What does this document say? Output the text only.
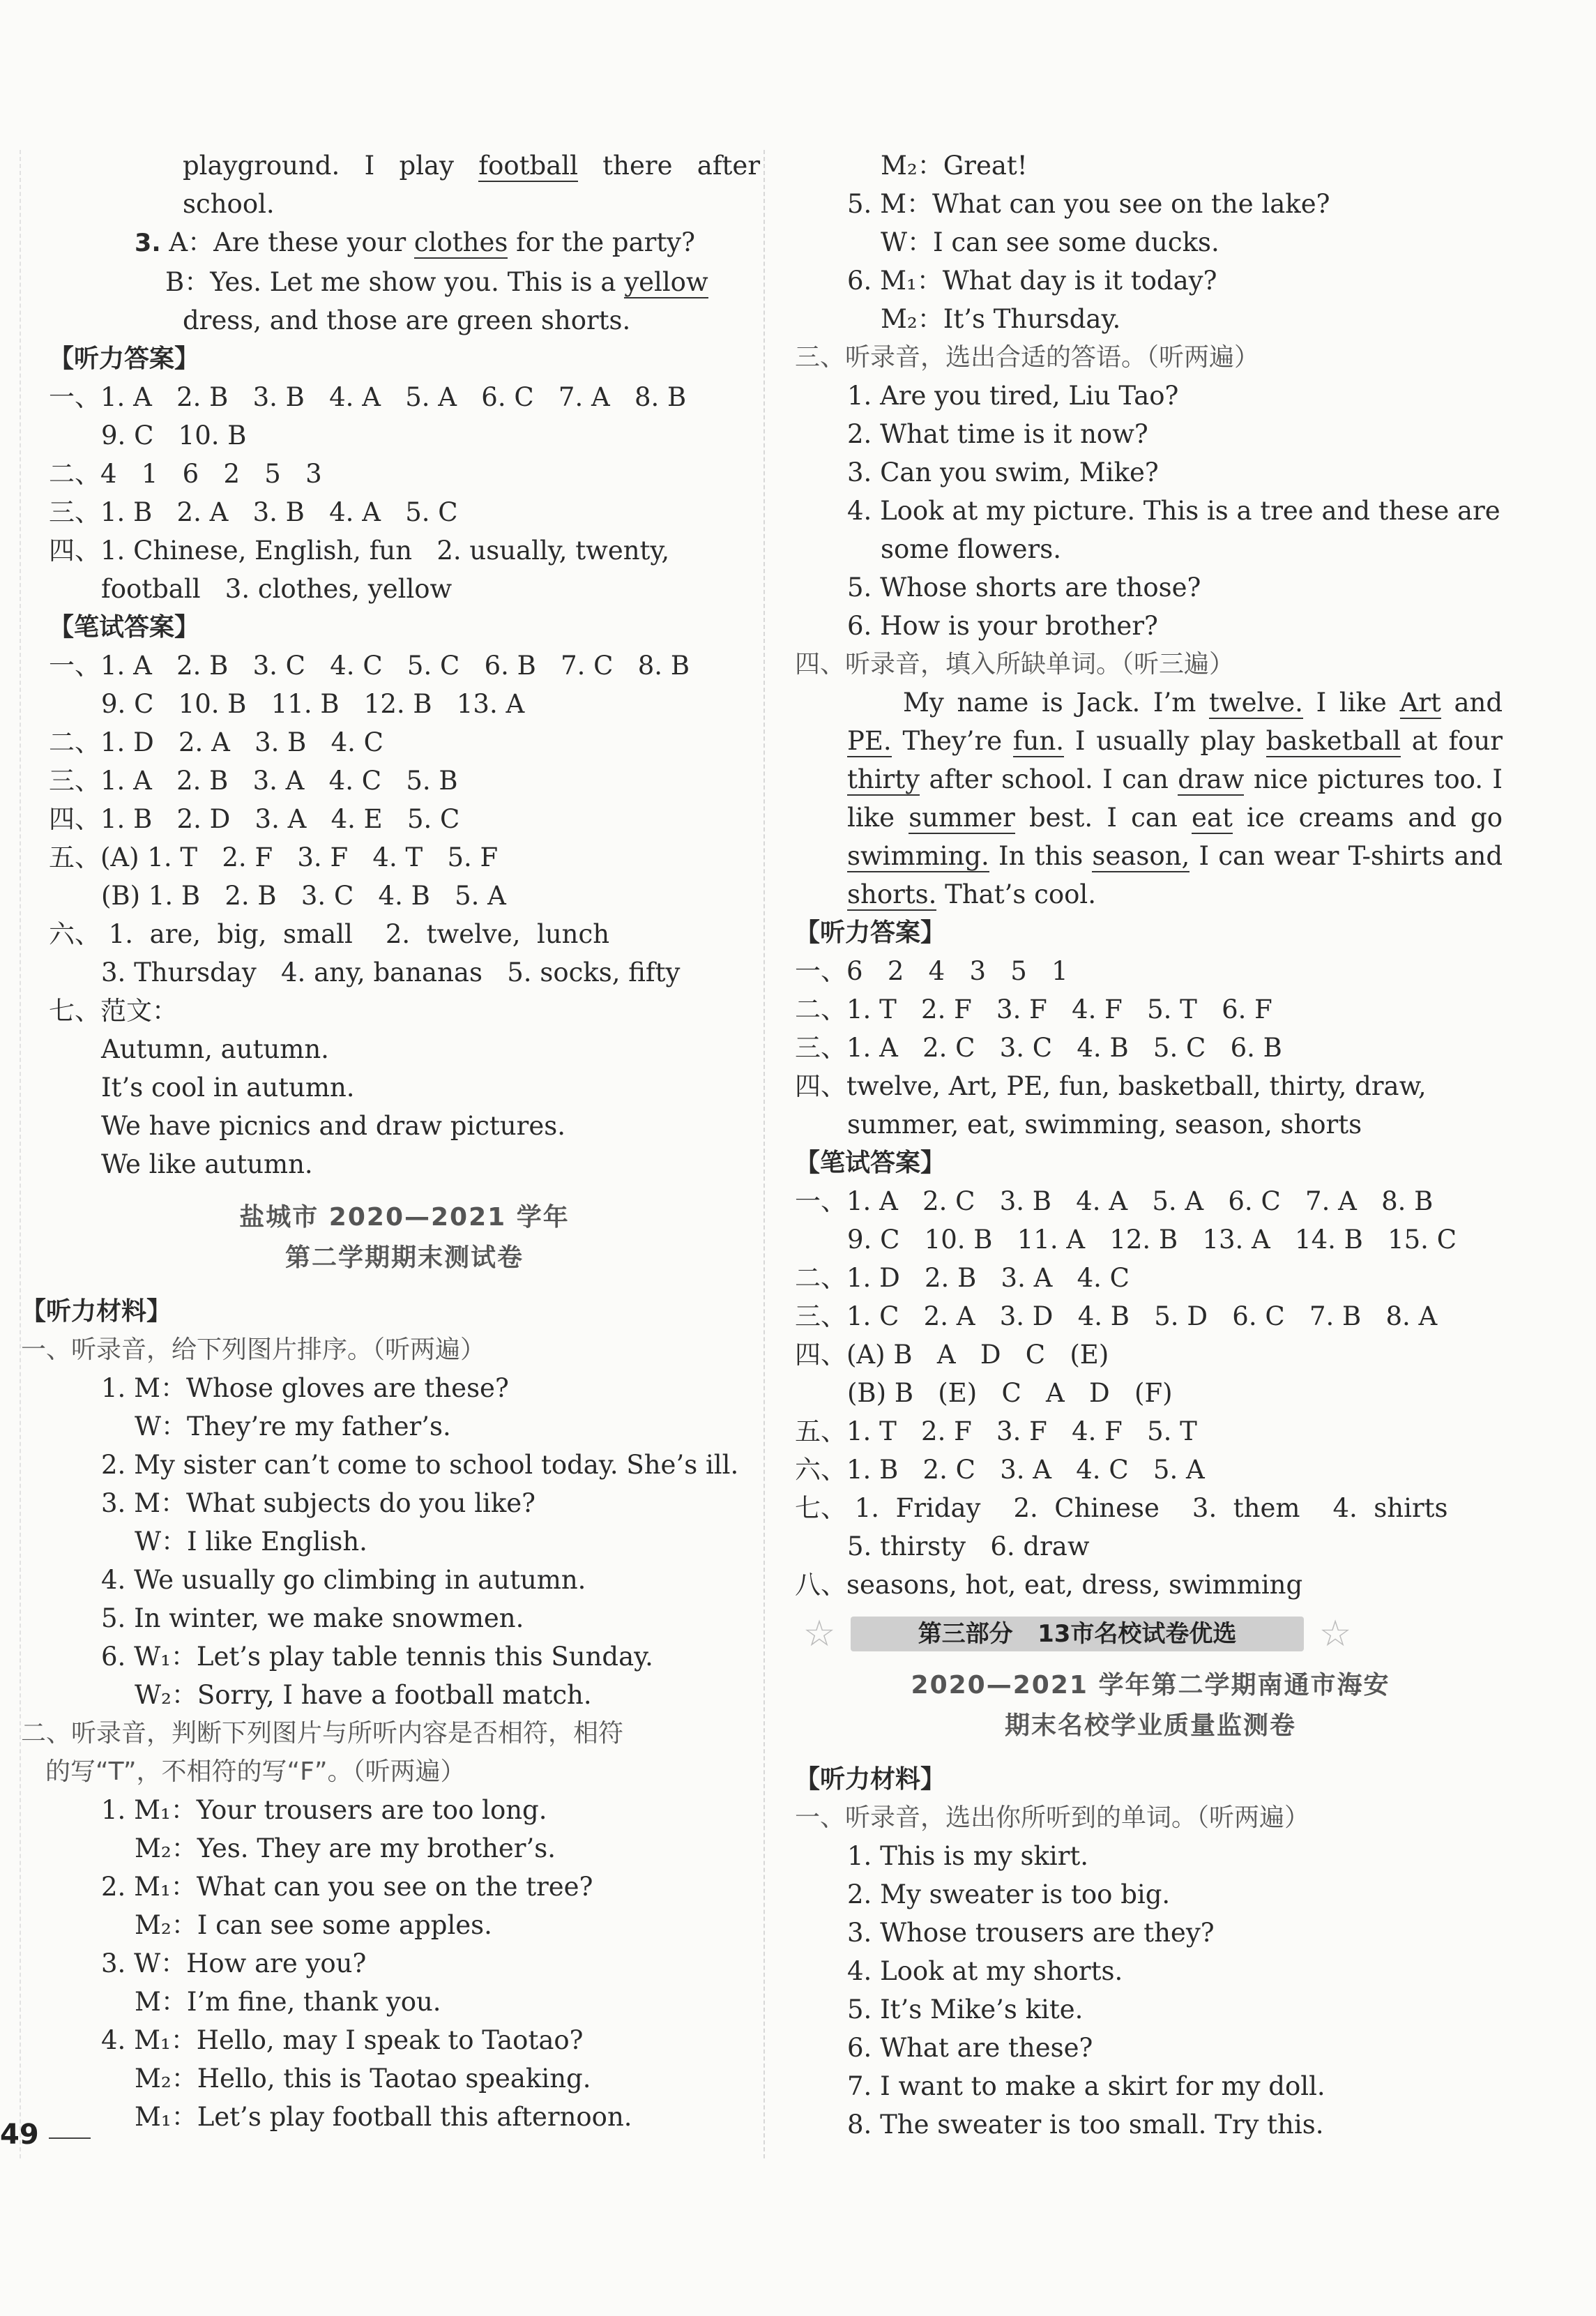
playground. I play football there after
school.
3. A：Are these your clothes for the party?
B：Yes. Let me show you. This is a yellow
dress, and those are green shorts.
【听力答案】
一、1. A   2. B   3. B   4. A   5. A   6. C   7. A   8. B
9. C   10. B
二、4   1   6   2   5   3
三、1. B   2. A   3. B   4. A   5. C
四、1. Chinese, English, fun   2. usually, twenty,
football   3. clothes, yellow
【笔试答案】
一、1. A   2. B   3. C   4. C   5. C   6. B   7. C   8. B
9. C   10. B   11. B   12. B   13. A
二、1. D   2. A   3. B   4. C
三、1. A   2. B   3. A   4. C   5. B
四、1. B   2. D   3. A   4. E   5. C
五、(A) 1. T   2. F   3. F   4. T   5. F
(B) 1. B   2. B   3. C   4. B   5. A
六、 1.  are,  big,  small    2.  twelve,  lunch
3. Thursday   4. any, bananas   5. socks, fifty
七、范文：
Autumn, autumn.
It’s cool in autumn.
We have picnics and draw pictures.
We like autumn.
盐城市 2020—2021 学年
第二学期期末测试卷
【听力材料】
一、听录音，给下列图片排序。（听两遍）
1. M：Whose gloves are these?
W：They’re my father’s.
2. My sister can’t come to school today. She’s ill.
3. M：What subjects do you like?
W：I like English.
4. We usually go climbing in autumn.
5. In winter, we make snowmen.
6. W₁：Let’s play table tennis this Sunday.
W₂：Sorry, I have a football match.
二、听录音，判断下列图片与所听内容是否相符，相符
的写“T”，不相符的写“F”。（听两遍）
1. M₁：Your trousers are too long.
M₂：Yes. They are my brother’s.
2. M₁：What can you see on the tree?
M₂：I can see some apples.
3. W：How are you?
M：I’m fine, thank you.
4. M₁：Hello, may I speak to Taotao?
M₂：Hello, this is Taotao speaking.
M₁：Let’s play football this afternoon.
M₂：Great!
5. M：What can you see on the lake?
W：I can see some ducks.
6. M₁：What day is it today?
M₂：It’s Thursday.
三、听录音，选出合适的答语。（听两遍）
1. Are you tired, Liu Tao?
2. What time is it now?
3. Can you swim, Mike?
4. Look at my picture. This is a tree and these are
some flowers.
5. Whose shorts are those?
6. How is your brother?
四、听录音，填入所缺单词。（听三遍）
My name is Jack. I’m twelve. I like Art and
PE. They’re fun. I usually play basketball at four
thirty after school. I can draw nice pictures too. I
like summer best. I can eat ice creams and go
swimming. In this season, I can wear T-shirts and
shorts. That’s cool.
【听力答案】
一、6   2   4   3   5   1
二、1. T   2. F   3. F   4. F   5. T   6. F
三、1. A   2. C   3. C   4. B   5. C   6. B
四、twelve, Art, PE, fun, basketball, thirty, draw,
summer, eat, swimming, season, shorts
【笔试答案】
一、1. A   2. C   3. B   4. A   5. A   6. C   7. A   8. B
9. C   10. B   11. A   12. B   13. A   14. B   15. C
二、1. D   2. B   3. A   4. C
三、1. C   2. A   3. D   4. B   5. D   6. C   7. B   8. A
四、(A) B   A   D   C   (E)
(B) B   (E)   C   A   D   (F)
五、1. T   2. F   3. F   4. F   5. T
六、1. B   2. C   3. A   4. C   5. A
七、 1.  Friday    2.  Chinese    3.  them    4.  shirts
5. thirsty   6. draw
八、seasons, hot, eat, dress, swimming
☆	第三部分   13市名校试卷优选	☆
2020—2021 学年第二学期南通市海安
期末名校学业质量监测卷
【听力材料】
一、听录音，选出你所听到的单词。（听两遍）
1. This is my skirt.
2. My sweater is too big.
3. Whose trousers are they?
4. Look at my shorts.
5. It’s Mike’s kite.
6. What are these?
7. I want to make a skirt for my doll.
8. The sweater is too small. Try this.
49
